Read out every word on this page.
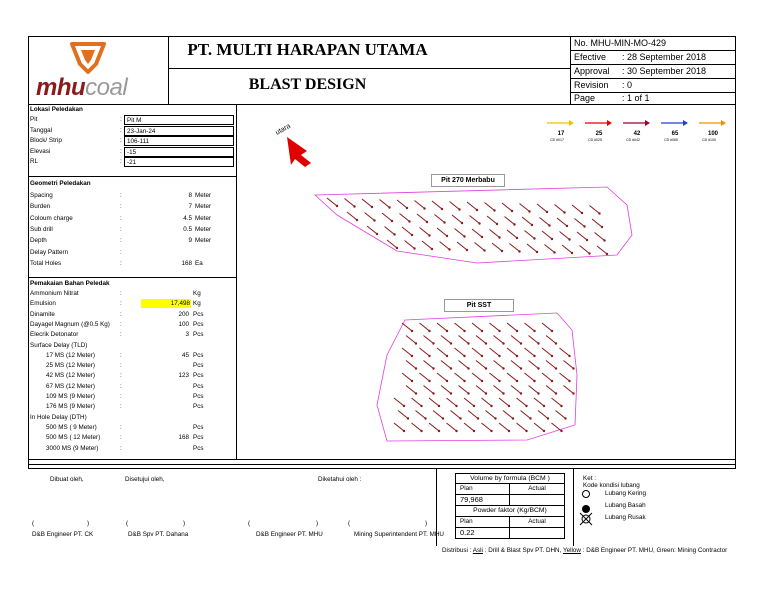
mhucoal
PT. MULTI HARAPAN UTAMA
BLAST DESIGN
No. MHU-MIN-MO-429
Efective : 28 September 2018
Approval : 30 September 2018
Revision : 0
Page	: 1 of 1
Lokasi Peledakan
Pit	: Pit M
Tanggal	: 23-Jan-24
Block/ Strip	: 106-111
Elevasi	: -15
RL	: -21
Geometri Peledakan
Spacing	:	8 Meter
Burden	:	7 Meter
Coloum charge	:	4.5 Meter
Sub drill	:	0.5 Meter
Depth	:	9 Meter
Delay Pattern	:
Total Holes	:	168 Ea
Pemakaian Bahan Peledak
Ammonium Nitrat	:	Kg
Emulsion	:	17,498 Kg
Dinamite	:	200 Pcs
Dayagel Magnum (@0.5 Kg) :	100 Pcs
Elecrik Detonator	:	3 Pcs
Surface Delay (TLD)
17 MS (12 Meter)	:	45 Pcs
25 MS (12 Meter)	:	Pcs
42 MS (12 Meter)	:	123 Pcs
67 MS (12 Meter)	:	Pcs
109 MS (9 Meter)	:	Pcs
176 MS (9 Meter)	:	Pcs
In Hole Delay (DTH)
500 MS ( 9 Meter)	:	Pcs
500 MS ( 12 Meter)	:	168 Pcs
3000 MS (9 Meter)	:	Pcs
17
CD #017
25
CD #025
42
CD #042
65
CD #065
100
CD #100
utara
Pit 270 Merbabu
Pit SST
Dibuat oleh,	Disetujui oleh,	Diketahui oleh :
(	)	(	)	(	)	(	)
D&B Engineer PT. CK	D&B Spv PT. Dahana	D&B Engineer PT. MHU	Mining Superintendent PT. MHU
Volume by formula (BCM )
Plan	Actual
79,968
Powder faktor (Kg/BCM)
Plan	Actual
0.22
Ket :
Kode kondisi lubang
Lubang Kering
Lubang Basah
Lubang Rusak
Distribusi : Asli : Drill & Blast Spv PT. DHN, Yellow : D&B Engineer PT. MHU, Green: Mining Contractor
